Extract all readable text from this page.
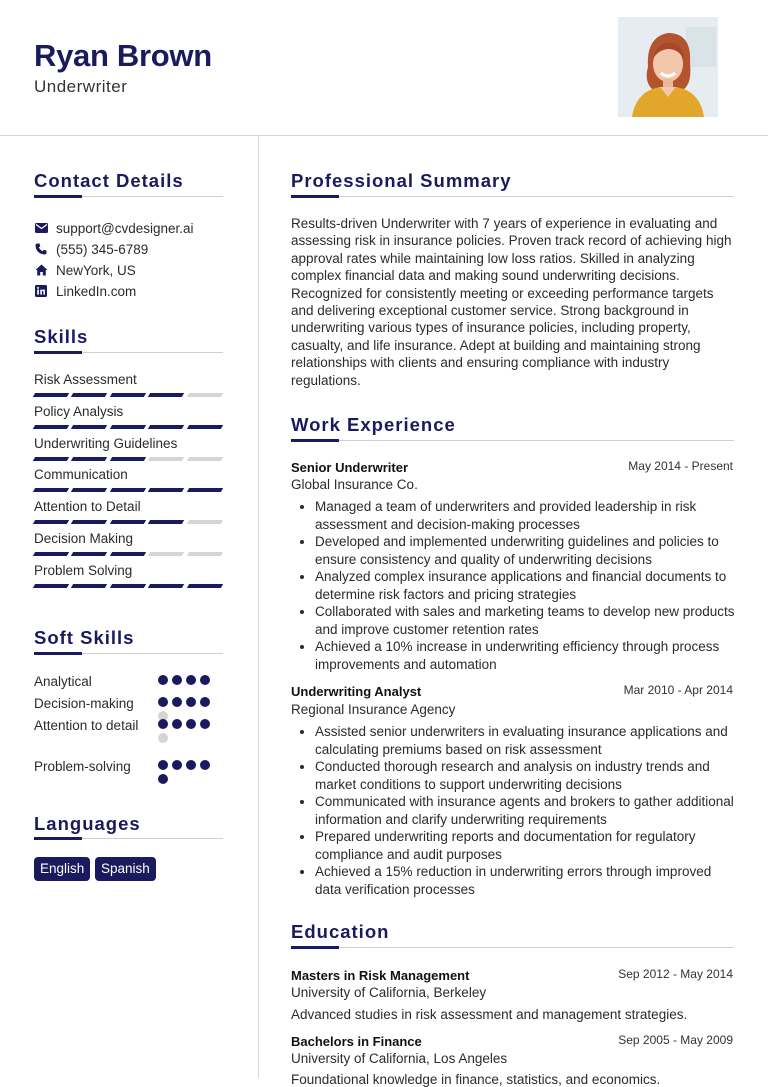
Ryan Brown
Underwriter
Contact Details
support@cvdesigner.ai
(555) 345-6789
NewYork, US
LinkedIn.com
Skills
Risk Assessment
Policy Analysis
Underwriting Guidelines
Communication
Attention to Detail
Decision Making
Problem Solving
Soft Skills
Analytical
Decision-making
Attention to detail
Problem-solving
Languages
English	Spanish
Professional Summary
Results-driven Underwriter with 7 years of experience in evaluating and assessing risk in insurance policies. Proven track record of achieving high approval rates while maintaining low loss ratios. Skilled in analyzing complex financial data and making sound underwriting decisions. Recognized for consistently meeting or exceeding performance targets and delivering exceptional customer service. Strong background in underwriting various types of insurance policies, including property, casualty, and life insurance. Adept at building and maintaining strong relationships with clients and ensuring compliance with industry regulations.
Work Experience
Senior Underwriter	May 2014 - Present
Global Insurance Co.
Managed a team of underwriters and provided leadership in risk assessment and decision-making processes
Developed and implemented underwriting guidelines and policies to ensure consistency and quality of underwriting decisions
Analyzed complex insurance applications and financial documents to determine risk factors and pricing strategies
Collaborated with sales and marketing teams to develop new products and improve customer retention rates
Achieved a 10% increase in underwriting efficiency through process improvements and automation
Underwriting Analyst	Mar 2010 - Apr 2014
Regional Insurance Agency
Assisted senior underwriters in evaluating insurance applications and calculating premiums based on risk assessment
Conducted thorough research and analysis on industry trends and market conditions to support underwriting decisions
Communicated with insurance agents and brokers to gather additional information and clarify underwriting requirements
Prepared underwriting reports and documentation for regulatory compliance and audit purposes
Achieved a 15% reduction in underwriting errors through improved data verification processes
Education
Masters in Risk Management	Sep 2012 - May 2014
University of California, Berkeley
Advanced studies in risk assessment and management strategies.
Bachelors in Finance	Sep 2005 - May 2009
University of California, Los Angeles
Foundational knowledge in finance, statistics, and economics.
